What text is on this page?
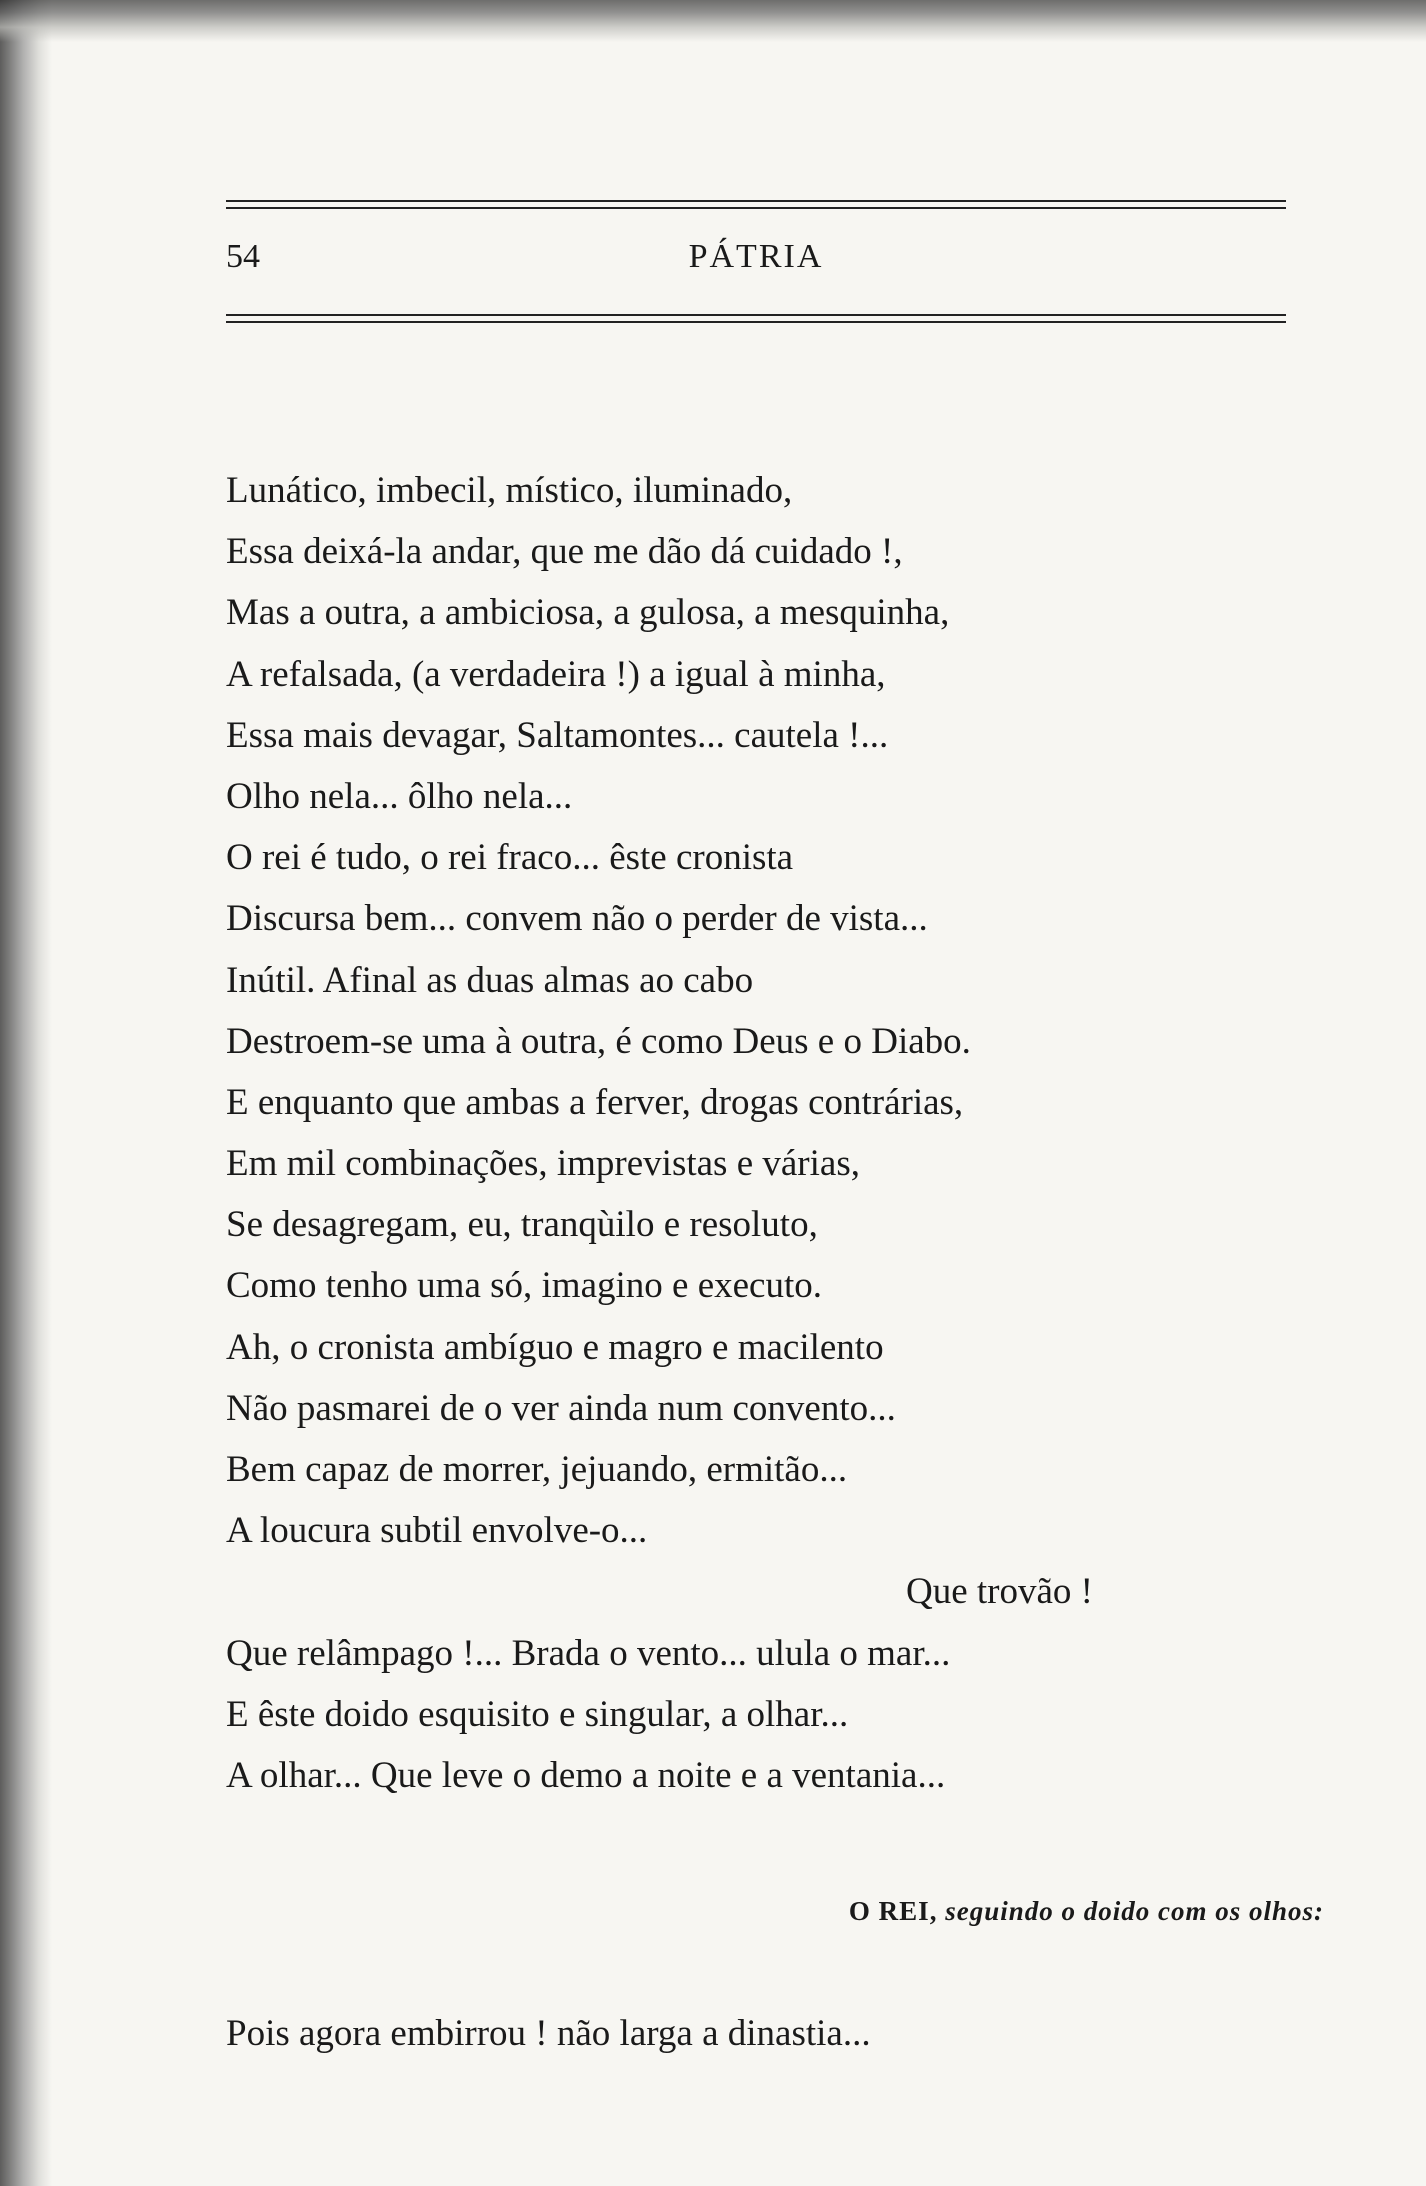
54	PÁTRIA
Lunático, imbecil, místico, iluminado,
Essa deixá-la andar, que me dão dá cuidado !,
Mas a outra, a ambiciosa, a gulosa, a mesquinha,
A refalsada, (a verdadeira !) a igual à minha,
Essa mais devagar, Saltamontes... cautela !...
Olho nela... ôlho nela...
O rei é tudo, o rei fraco... êste cronista
Discursa bem... convem não o perder de vista...
Inútil. Afinal as duas almas ao cabo
Destroem-se uma à outra, é como Deus e o Diabo.
E enquanto que ambas a ferver, drogas contrárias,
Em mil combinações, imprevistas e várias,
Se desagregam, eu, tranqùilo e resoluto,
Como tenho uma só, imagino e executo.
Ah, o cronista ambíguo e magro e macilento
Não pasmarei de o ver ainda num convento...
Bem capaz de morrer, jejuando, ermitão...
A loucura subtil envolve-o...
Que trovão !
Que relâmpago !... Brada o vento... ulula o mar...
E êste doido esquisito e singular, a olhar...
A olhar... Que leve o demo a noite e a ventania...
O REI, seguindo o doido com os olhos:
Pois agora embirrou ! não larga a dinastia...
